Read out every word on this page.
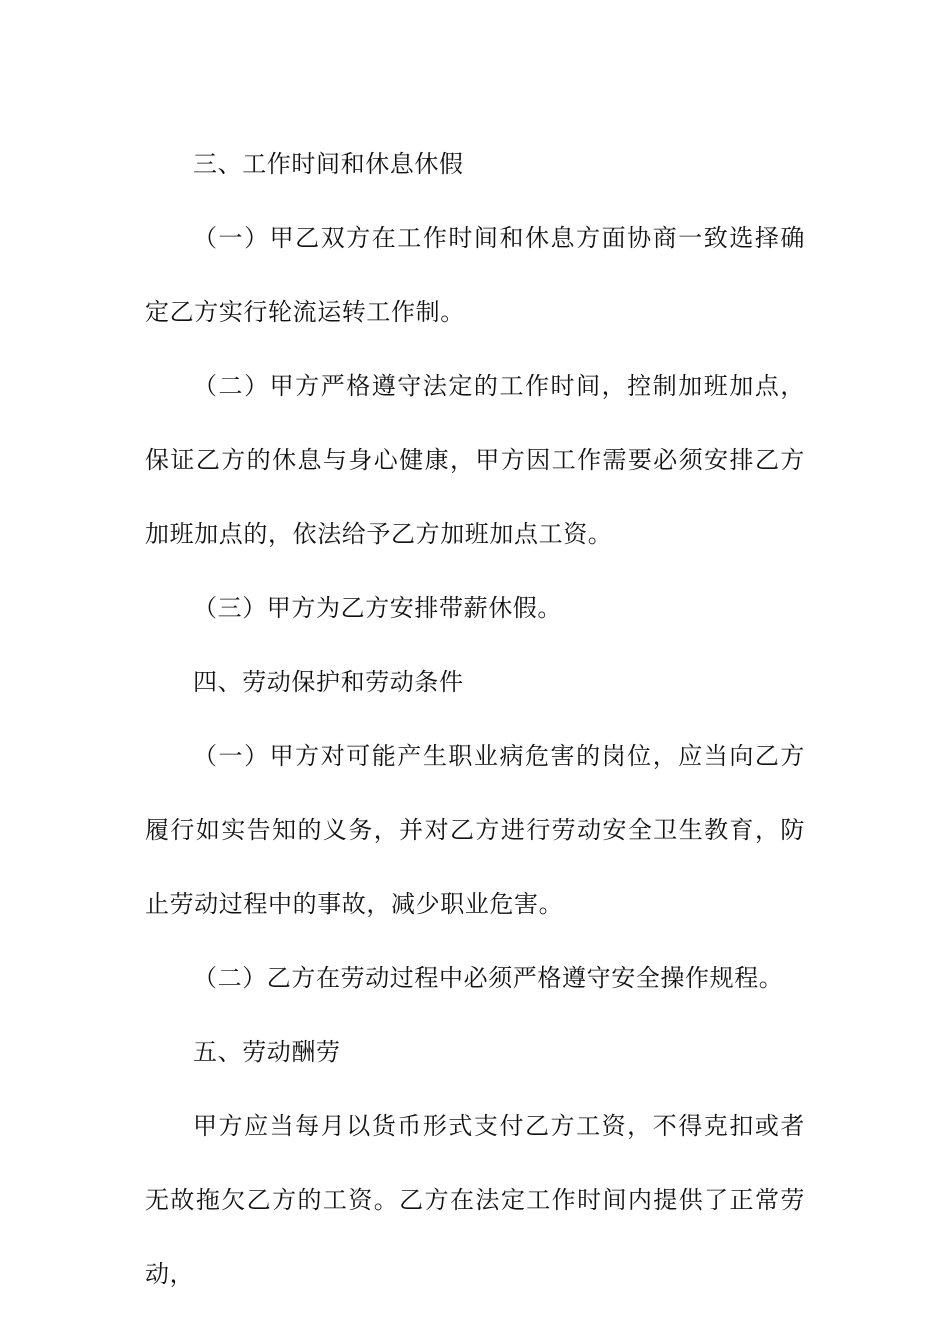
三、工作时间和休息休假

（一）甲乙双方在工作时间和休息方面协商一致选择确定乙方实行轮流运转工作制。

（二）甲方严格遵守法定的工作时间，控制加班加点，保证乙方的休息与身心健康，甲方因工作需要必须安排乙方加班加点的，依法给予乙方加班加点工资。

（三）甲方为乙方安排带薪休假。

四、劳动保护和劳动条件

（一）甲方对可能产生职业病危害的岗位，应当向乙方履行如实告知的义务，并对乙方进行劳动安全卫生教育，防止劳动过程中的事故，减少职业危害。

（二）乙方在劳动过程中必须严格遵守安全操作规程。

五、劳动酬劳

甲方应当每月以货币形式支付乙方工资，不得克扣或者无故拖欠乙方的工资。乙方在法定工作时间内提供了正常劳动，
